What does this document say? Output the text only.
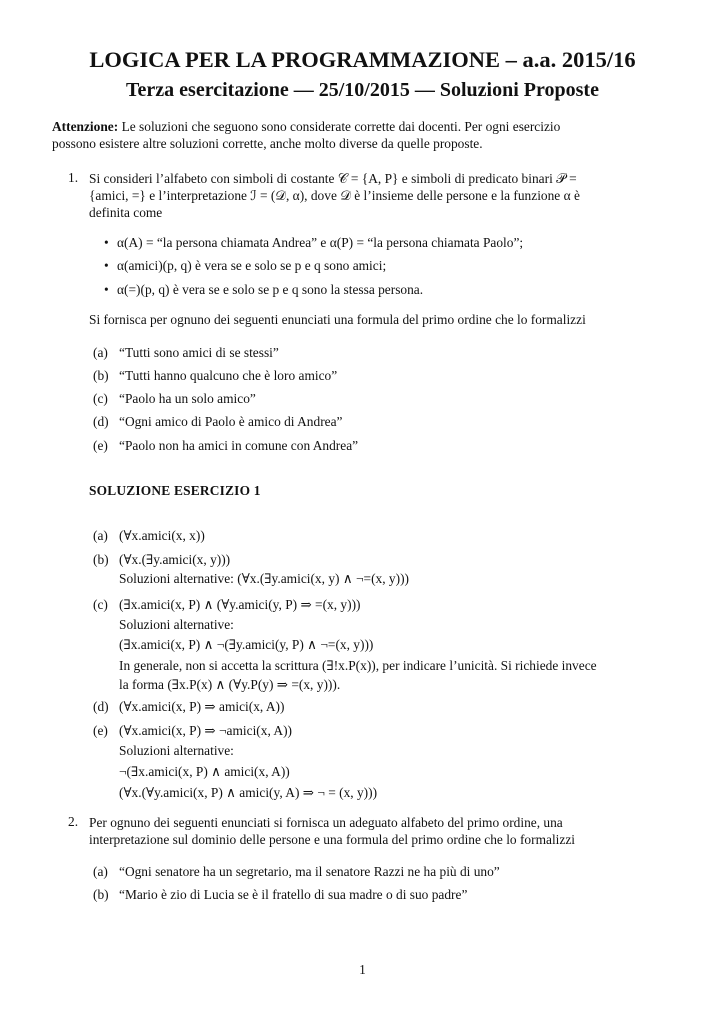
LOGICA PER LA PROGRAMMAZIONE – a.a. 2015/16
Terza esercitazione — 25/10/2015 — Soluzioni Proposte
Attenzione: Le soluzioni che seguono sono considerate corrette dai docenti. Per ogni esercizio
possono esistere altre soluzioni corrette, anche molto diverse da quelle proposte.
1. Si consideri l’alfabeto con simboli di costante 𝒞 = {A, P} e simboli di predicato binari 𝒫 =
{amici, =} e l’interpretazione ℐ = (𝒟, α), dove 𝒟 è l’insieme delle persone e la funzione α è
definita come
• α(A) = “la persona chiamata Andrea” e α(P) = “la persona chiamata Paolo”;
• α(amici)(p, q) è vera se e solo se p e q sono amici;
• α(=)(p, q) è vera se e solo se p e q sono la stessa persona.
Si fornisca per ognuno dei seguenti enunciati una formula del primo ordine che lo formalizzi
(a) “Tutti sono amici di se stessi”
(b) “Tutti hanno qualcuno che è loro amico”
(c) “Paolo ha un solo amico”
(d) “Ogni amico di Paolo è amico di Andrea”
(e) “Paolo non ha amici in comune con Andrea”
SOLUZIONE ESERCIZIO 1
(a) (∀x.amici(x, x))
(b) (∀x.(∃y.amici(x, y)))
Soluzioni alternative: (∀x.(∃y.amici(x, y) ∧ ¬=(x, y)))
(c) (∃x.amici(x, P) ∧ (∀y.amici(y, P) ⇒ =(x, y)))
Soluzioni alternative:
(∃x.amici(x, P) ∧ ¬(∃y.amici(y, P) ∧ ¬=(x, y)))
In generale, non si accetta la scrittura (∃!x.P(x)), per indicare l’unicità. Si richiede invece
la forma (∃x.P(x) ∧ (∀y.P(y) ⇒ =(x, y))).
(d) (∀x.amici(x, P) ⇒ amici(x, A))
(e) (∀x.amici(x, P) ⇒ ¬amici(x, A))
Soluzioni alternative:
¬(∃x.amici(x, P) ∧ amici(x, A))
(∀x.(∀y.amici(x, P) ∧ amici(y, A) ⇒ ¬ = (x, y)))
2. Per ognuno dei seguenti enunciati si fornisca un adeguato alfabeto del primo ordine, una
interpretazione sul dominio delle persone e una formula del primo ordine che lo formalizzi
(a) “Ogni senatore ha un segretario, ma il senatore Razzi ne ha più di uno”
(b) “Mario è zio di Lucia se è il fratello di sua madre o di suo padre”
1
